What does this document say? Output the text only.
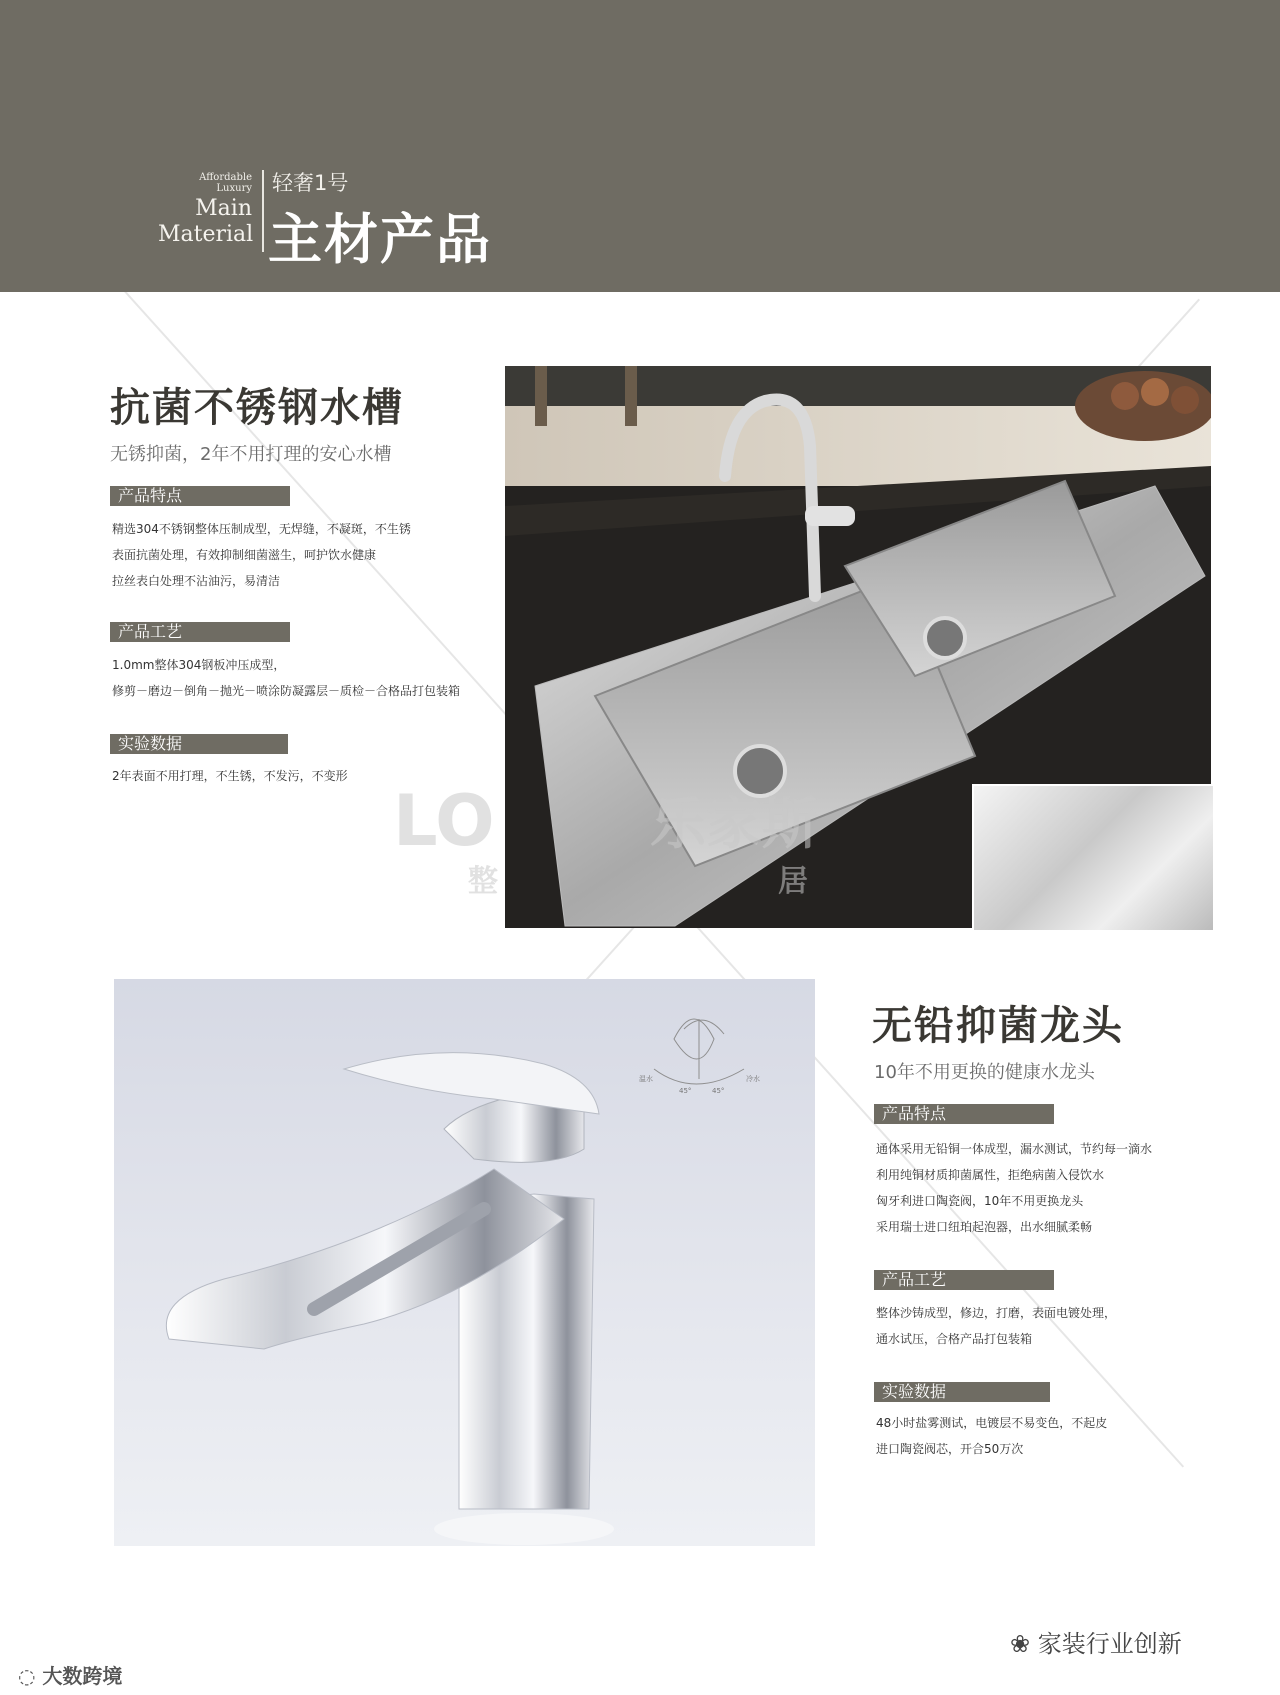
Affordable
Luxury
Main
Material
轻奢1号
主材产品
抗菌不锈钢水槽
无锈抑菌，2年不用打理的安心水槽
产品特点
精选304不锈钢整体压制成型，无焊缝，不凝斑，不生锈
表面抗菌处理，有效抑制细菌滋生，呵护饮水健康
拉丝表白处理不沾油污，易清洁
产品工艺
1.0mm整体304钢板冲压成型，
修剪－磨边－倒角－抛光－喷涂防凝露层－质检－合格品打包装箱
实验数据
2年表面不用打理，不生锈，不发污，不变形
LO	乐家斯
整	居
温水
45°	45°
冷水
无铅抑菌龙头
10年不用更换的健康水龙头
产品特点
通体采用无铅铜一体成型，漏水测试，节约每一滴水
利用纯铜材质抑菌属性，拒绝病菌入侵饮水
匈牙利进口陶瓷阀，10年不用更换龙头
采用瑞士进口纽珀起泡器，出水细腻柔畅
产品工艺
整体沙铸成型，修边，打磨，表面电镀处理，
通水试压，合格产品打包装箱
实验数据
48小时盐雾测试，电镀层不易变色，不起皮
进口陶瓷阀芯，开合50万次
◌ 大数跨境
❀ 家装行业创新
